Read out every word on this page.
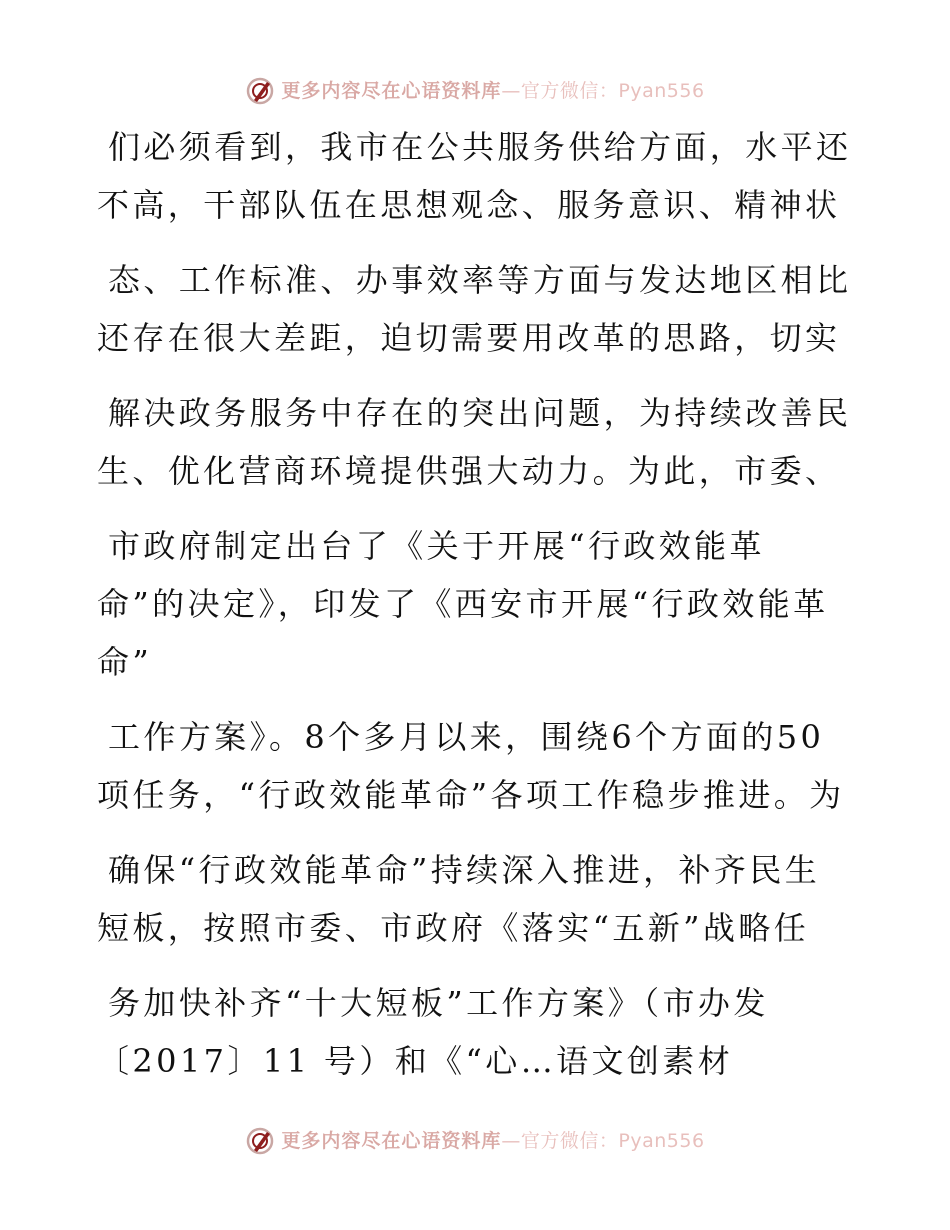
更多内容尽在心语资料库 —官方微信：Pyan556
们必须看到，我市在公共服务供给方面，水平还
不高，干部队伍在思想观念、服务意识、精神状
态、工作标准、办事效率等方面与发达地区相比
还存在很大差距，迫切需要用改革的思路，切实
解决政务服务中存在的突出问题，为持续改善民
生、优化营商环境提供强大动力。为此，市委、
市政府制定出台了《关于开展“行政效能革
命”的决定》，印发了《西安市开展“行政效能革
命”
工作方案》。8个多月以来，围绕6个方面的50
项任务，“行政效能革命”各项工作稳步推进。为
确保“行政效能革命”持续深入推进，补齐民生
短板，按照市委、市政府《落实“五新”战略任
务加快补齐“十大短板”工作方案》（市办发
〔2017〕11 号）和《“心…语文创素材
更多内容尽在心语资料库 —官方微信：Pyan556
